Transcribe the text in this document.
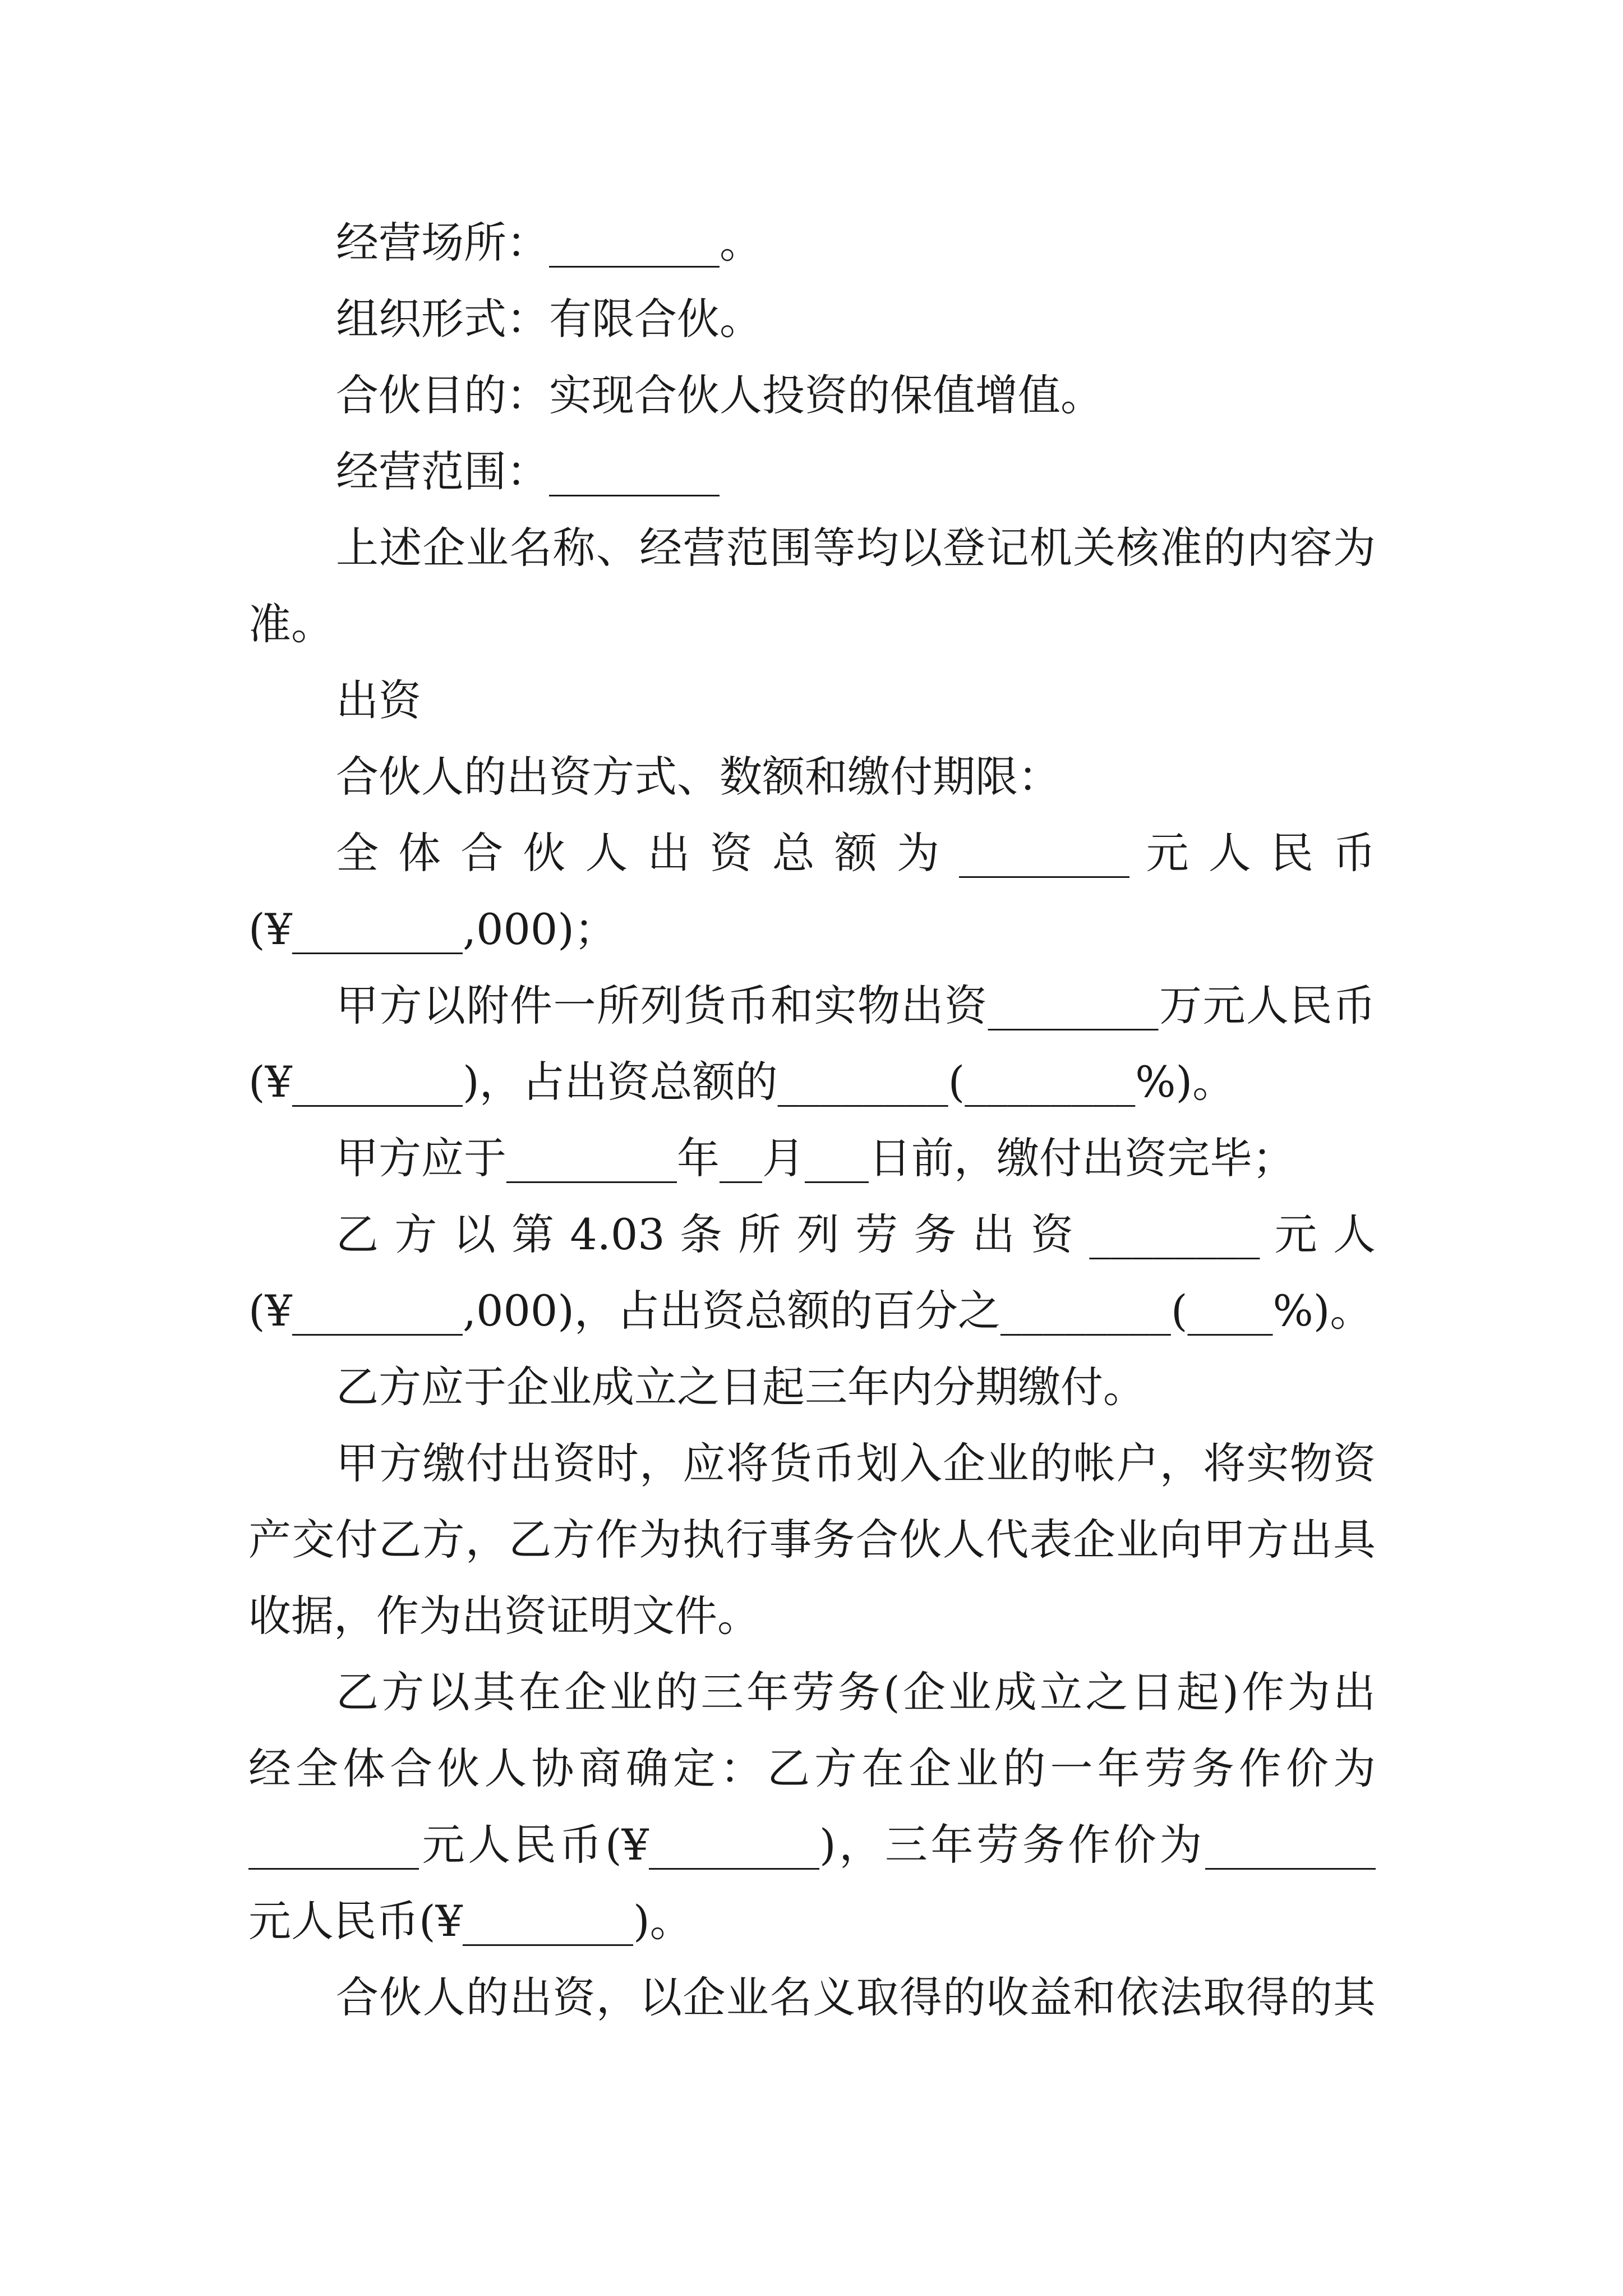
经营场所：________。
组织形式：有限合伙。
合伙目的：实现合伙人投资的保值增值。
经营范围：________
上述企业名称、经营范围等均以登记机关核准的内容为
准。
出资
合伙人的出资方式、数额和缴付期限：
全 体 合 伙 人 出 资 总 额 为 ________ 元 人 民 币
(¥________,000)；
甲方以附件一所列货币和实物出资________万元人民币
(¥________)，占出资总额的________(________%)。
甲方应于________年__月___日前，缴付出资完毕；
乙 方 以 第 4.03 条 所 列 劳 务 出 资 ________ 元 人
(¥________,000)，占出资总额的百分之________(____%)。
乙方应于企业成立之日起三年内分期缴付。
甲方缴付出资时，应将货币划入企业的帐户，将实物资
产交付乙方，乙方作为执行事务合伙人代表企业向甲方出具
收据，作为出资证明文件。
乙方以其在企业的三年劳务(企业成立之日起)作为出
经全体合伙人协商确定：乙方在企业的一年劳务作价为
________元人民币(¥________)，三年劳务作价为________
元人民币(¥________)。
合伙人的出资，以企业名义取得的收益和依法取得的其
